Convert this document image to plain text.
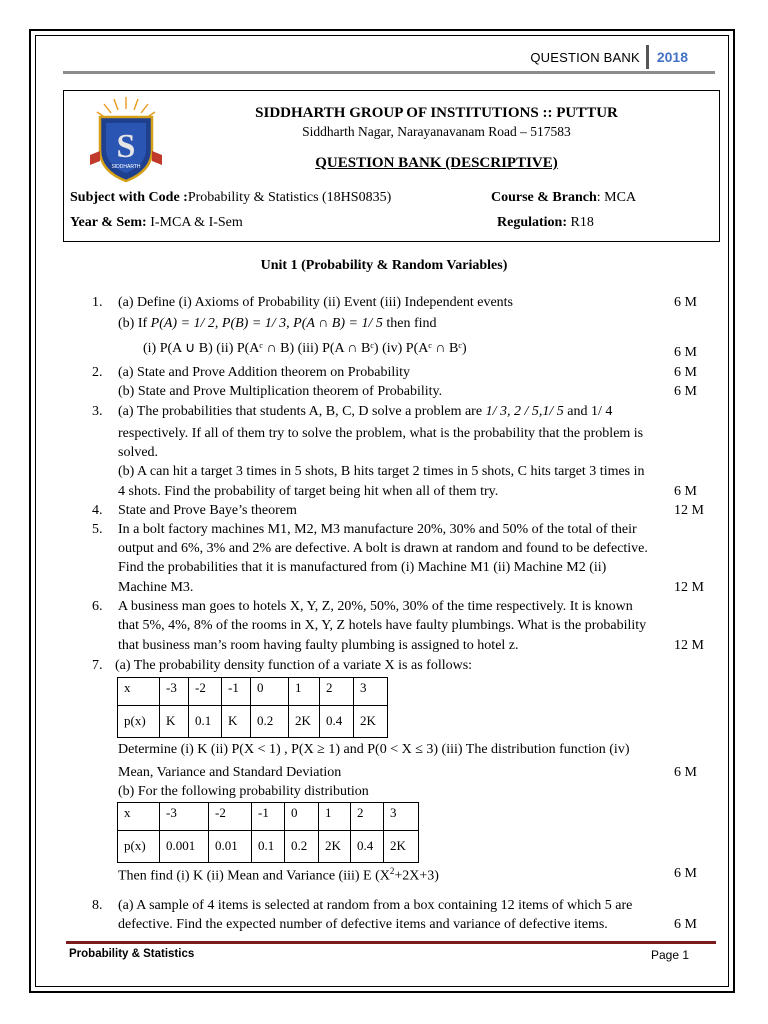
QUESTION BANK	2018
S
SIDDHARTH
SIDDHARTH GROUP OF INSTITUTIONS :: PUTTUR
Siddharth Nagar, Narayanavanam Road – 517583
QUESTION BANK (DESCRIPTIVE)
Subject with Code :Probability & Statistics (18HS0835)	Course & Branch: MCA
Year & Sem: I-MCA & I-Sem	Regulation: R18
Unit 1 (Probability & Random Variables)
1. (a) Define (i) Axioms of Probability (ii) Event (iii) Independent events	6 M
(b) If P(A) = 1/ 2, P(B) = 1/ 3, P(A ∩ B) = 1/ 5 then find
(i) P(A ∪ B) (ii) P(Aᶜ ∩ B) (iii) P(A ∩ Bᶜ) (iv) P(Aᶜ ∩ Bᶜ)	6 M
2. (a) State and Prove Addition theorem on Probability	6 M
(b) State and Prove Multiplication theorem of Probability.	6 M
3. (a) The probabilities that students A, B, C, D solve a problem are 1/ 3, 2 / 5,1/ 5 and 1/ 4
respectively. If all of them try to solve the problem, what is the probability that the problem is
solved.
(b) A can hit a target 3 times in 5 shots, B hits target 2 times in 5 shots, C hits target 3 times in
4 shots. Find the probability of target being hit when all of them try.	6 M
4. State and Prove Baye’s theorem	12 M
5. In a bolt factory machines M1, M2, M3 manufacture 20%, 30% and 50% of the total of their
output and 6%, 3% and 2% are defective. A bolt is drawn at random and found to be defective.
Find the probabilities that it is manufactured from (i) Machine M1 (ii) Machine M2 (ii)
Machine M3.	12 M
6. A business man goes to hotels X, Y, Z, 20%, 50%, 30% of the time respectively. It is known
that 5%, 4%, 8% of the rooms in X, Y, Z hotels have faulty plumbings. What is the probability
that business man’s room having faulty plumbing is assigned to hotel z.	12 M
7. (a) The probability density function of a variate X is as follows:
x	-3	-2	-1	0	1	2	3
p(x)	K	0.1	K	0.2	2K	0.4	2K
Determine (i) K (ii) P(X < 1) , P(X ≥ 1) and P(0 < X ≤ 3) (iii) The distribution function (iv)
Mean, Variance and Standard Deviation	6 M
(b) For the following probability distribution
x	-3	-2	-1	0	1	2	3
p(x)	0.001	0.01	0.1	0.2	2K	0.4	2K
Then find (i) K (ii) Mean and Variance (iii) E $(X^2+2X+3)$	6 M
8. (a) A sample of 4 items is selected at random from a box containing 12 items of which 5 are
defective. Find the expected number of defective items and variance of defective items.	6 M
Probability & Statistics	Page 1
